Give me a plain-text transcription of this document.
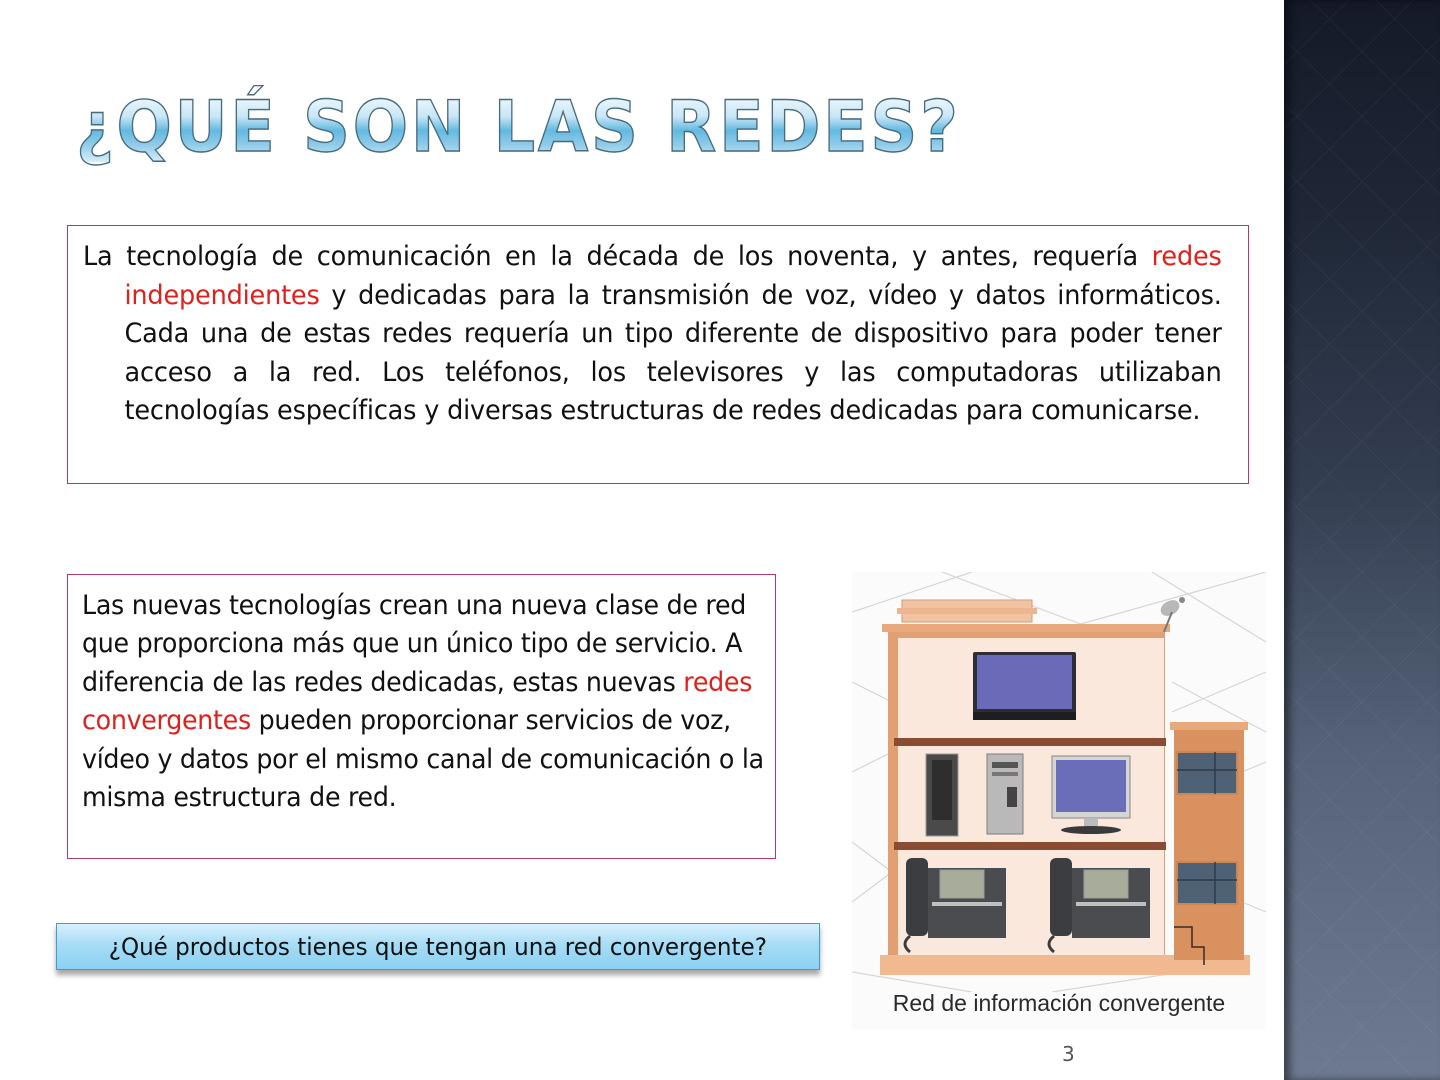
¿QUÉ SON LAS REDES?

La tecnología de comunicación en la década de los noventa, y antes, requería redes independientes y dedicadas para la transmisión de voz, vídeo y datos informáticos. Cada una de estas redes requería un tipo diferente de dispositivo para poder tener acceso a la red. Los teléfonos, los televisores y las computadoras utilizaban tecnologías específicas y diversas estructuras de redes dedicadas para comunicarse.

Las nuevas tecnologías crean una nueva clase de red que proporciona más que un único tipo de servicio. A diferencia de las redes dedicadas, estas nuevas redes convergentes pueden proporcionar servicios de voz, vídeo y datos por el mismo canal de comunicación o la misma estructura de red.

¿Qué productos tienes que tengan una red convergente?
Red de información convergente
3
